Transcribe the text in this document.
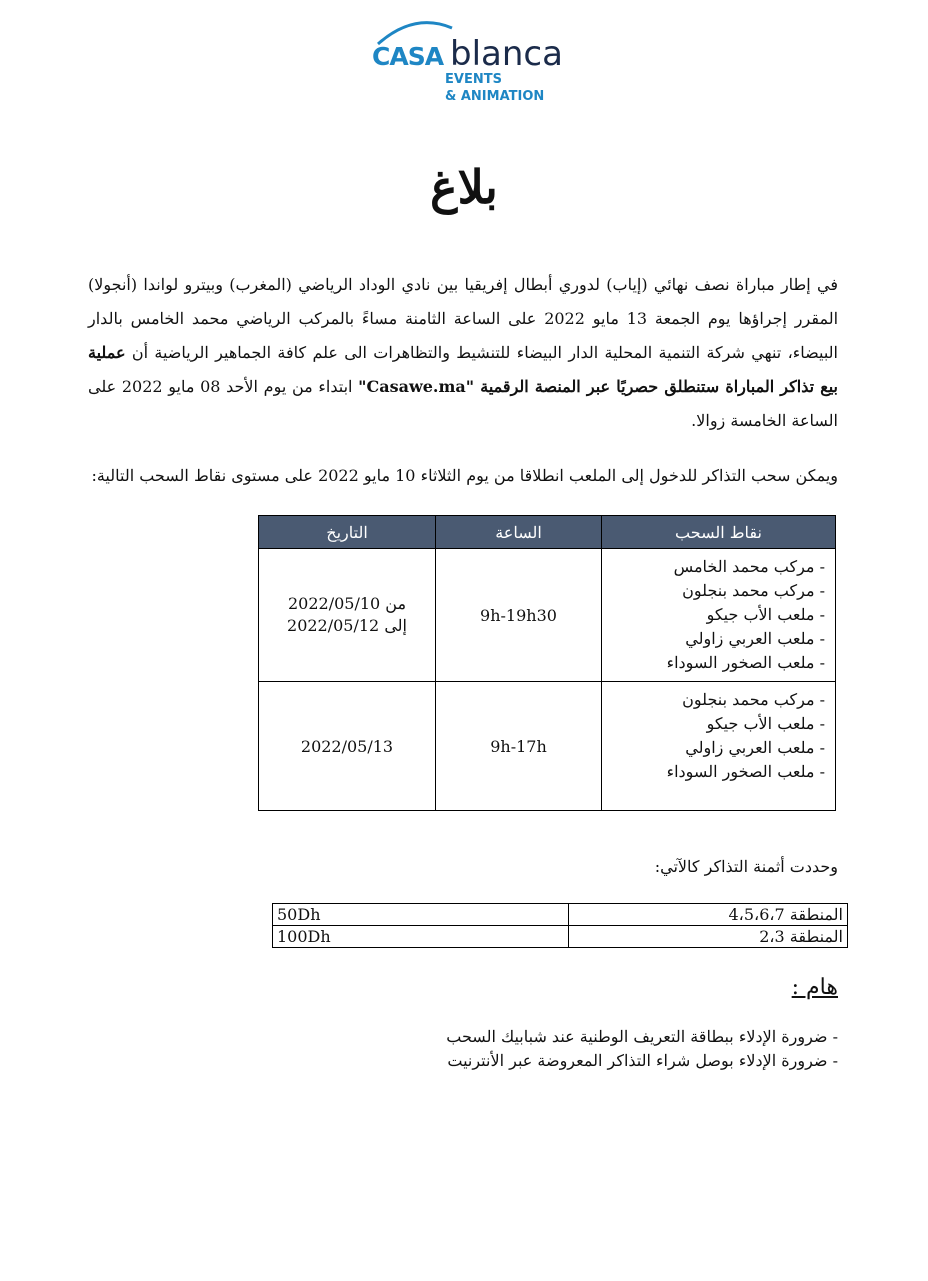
CASA blanca
EVENTS
& ANIMATION
بلاغ
في إطار مباراة نصف نهائي (إياب) لدوري أبطال إفريقيا بين نادي الوداد الرياضي (المغرب) وبيترو لواندا (أنجولا) المقرر إجراؤها يوم الجمعة 13 مايو 2022 على الساعة الثامنة مساءً بالمركب الرياضي محمد الخامس بالدار البيضاء، تنهي شركة التنمية المحلية الدار البيضاء للتنشيط والتظاهرات الى علم كافة الجماهير الرياضية أن عملية بيع تذاكر المباراة ستنطلق حصريًا عبر المنصة الرقمية "Casawe.ma" ابتداء من يوم الأحد 08 مايو 2022 على الساعة الخامسة زوالا.
ويمكن سحب التذاكر للدخول إلى الملعب انطلاقا من يوم الثلاثاء 10 مايو 2022 على مستوى نقاط السحب التالية:
نقاط السحب	الساعة	التاريخ

- مركب محمد الخامس
- مركب محمد بنجلون
- ملعب الأب جيكو
- ملعب العربي زاولي
- ملعب الصخور السوداء	9h-19h30	من 2022/05/10 إلى 2022/05/12

- مركب محمد بنجلون
- ملعب الأب جيكو
- ملعب العربي زاولي
- ملعب الصخور السوداء	9h-17h	2022/05/13
وحددت أثمنة التذاكر كالآتي:
المنطقة 4،5،6،7	50Dh
المنطقة 2،3	100Dh
هام :
- ضرورة الإدلاء ببطاقة التعريف الوطنية عند شبابيك السحب
- ضرورة الإدلاء بوصل شراء التذاكر المعروضة عبر الأنترنيت
